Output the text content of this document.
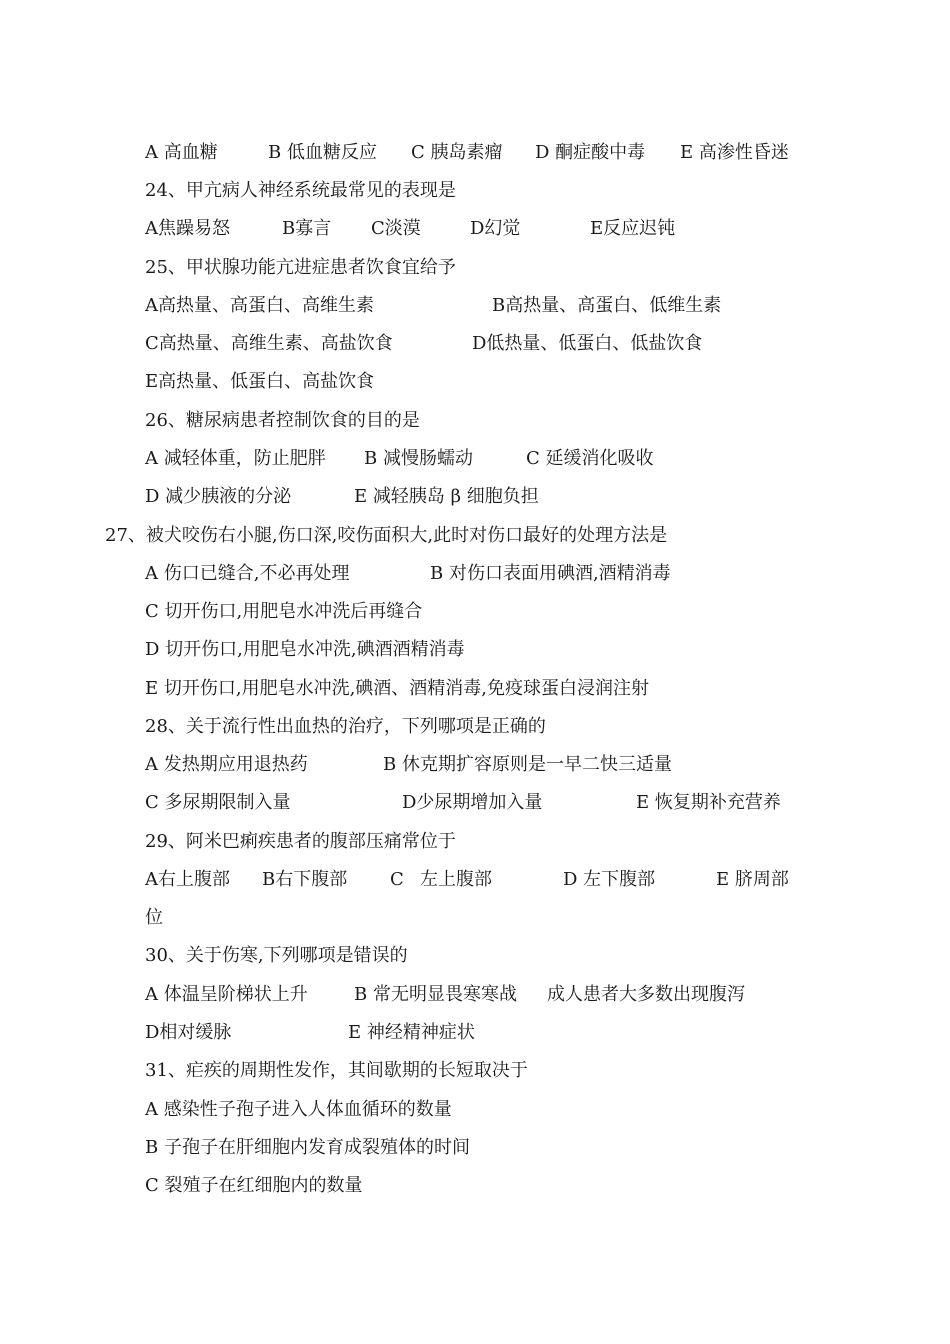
A 高血糖	B 低血糖反应 C 胰岛素瘤 D 酮症酸中毒 E 高渗性昏迷
24、甲亢病人神经系统最常见的表现是
A焦躁易怒	B寡言 C淡漠	D幻觉	E反应迟钝
25、甲状腺功能亢进症患者饮食宜给予
A高热量、高蛋白、高维生素	B高热量、高蛋白、低维生素
C高热量、高维生素、高盐饮食	D低热量、低蛋白、低盐饮食
E高热量、低蛋白、高盐饮食
26、糖尿病患者控制饮食的目的是
A 减轻体重，防止肥胖 B 减慢肠蠕动	C 延缓消化吸收
D 减少胰液的分泌	E 减轻胰岛 β 细胞负担
27、被犬咬伤右小腿,伤口深,咬伤面积大,此时对伤口最好的处理方法是
A 伤口已缝合,不必再处理	B 对伤口表面用碘酒,酒精消毒
C 切开伤口,用肥皂水冲洗后再缝合
D 切开伤口,用肥皂水冲洗,碘酒酒精消毒
E 切开伤口,用肥皂水冲洗,碘酒、酒精消毒,免疫球蛋白浸润注射
28、关于流行性出血热的治疗，下列哪项是正确的
A 发热期应用退热药	B 休克期扩容原则是一早二快三适量
C 多尿期限制入量	D少尿期增加入量	E 恢复期补充营养
29、阿米巴痢疾患者的腹部压痛常位于
A右上腹部 B右下腹部 C 左上腹部	D 左下腹部	E 脐周部
位
30、关于伤寒,下列哪项是错误的
A 体温呈阶梯状上升	B 常无明显畏寒寒战 成人患者大多数出现腹泻
D相对缓脉	E 神经精神症状
31、疟疾的周期性发作，其间歇期的长短取决于
A 感染性子孢子进入人体血循环的数量
B 子孢子在肝细胞内发育成裂殖体的时间
C 裂殖子在红细胞内的数量
